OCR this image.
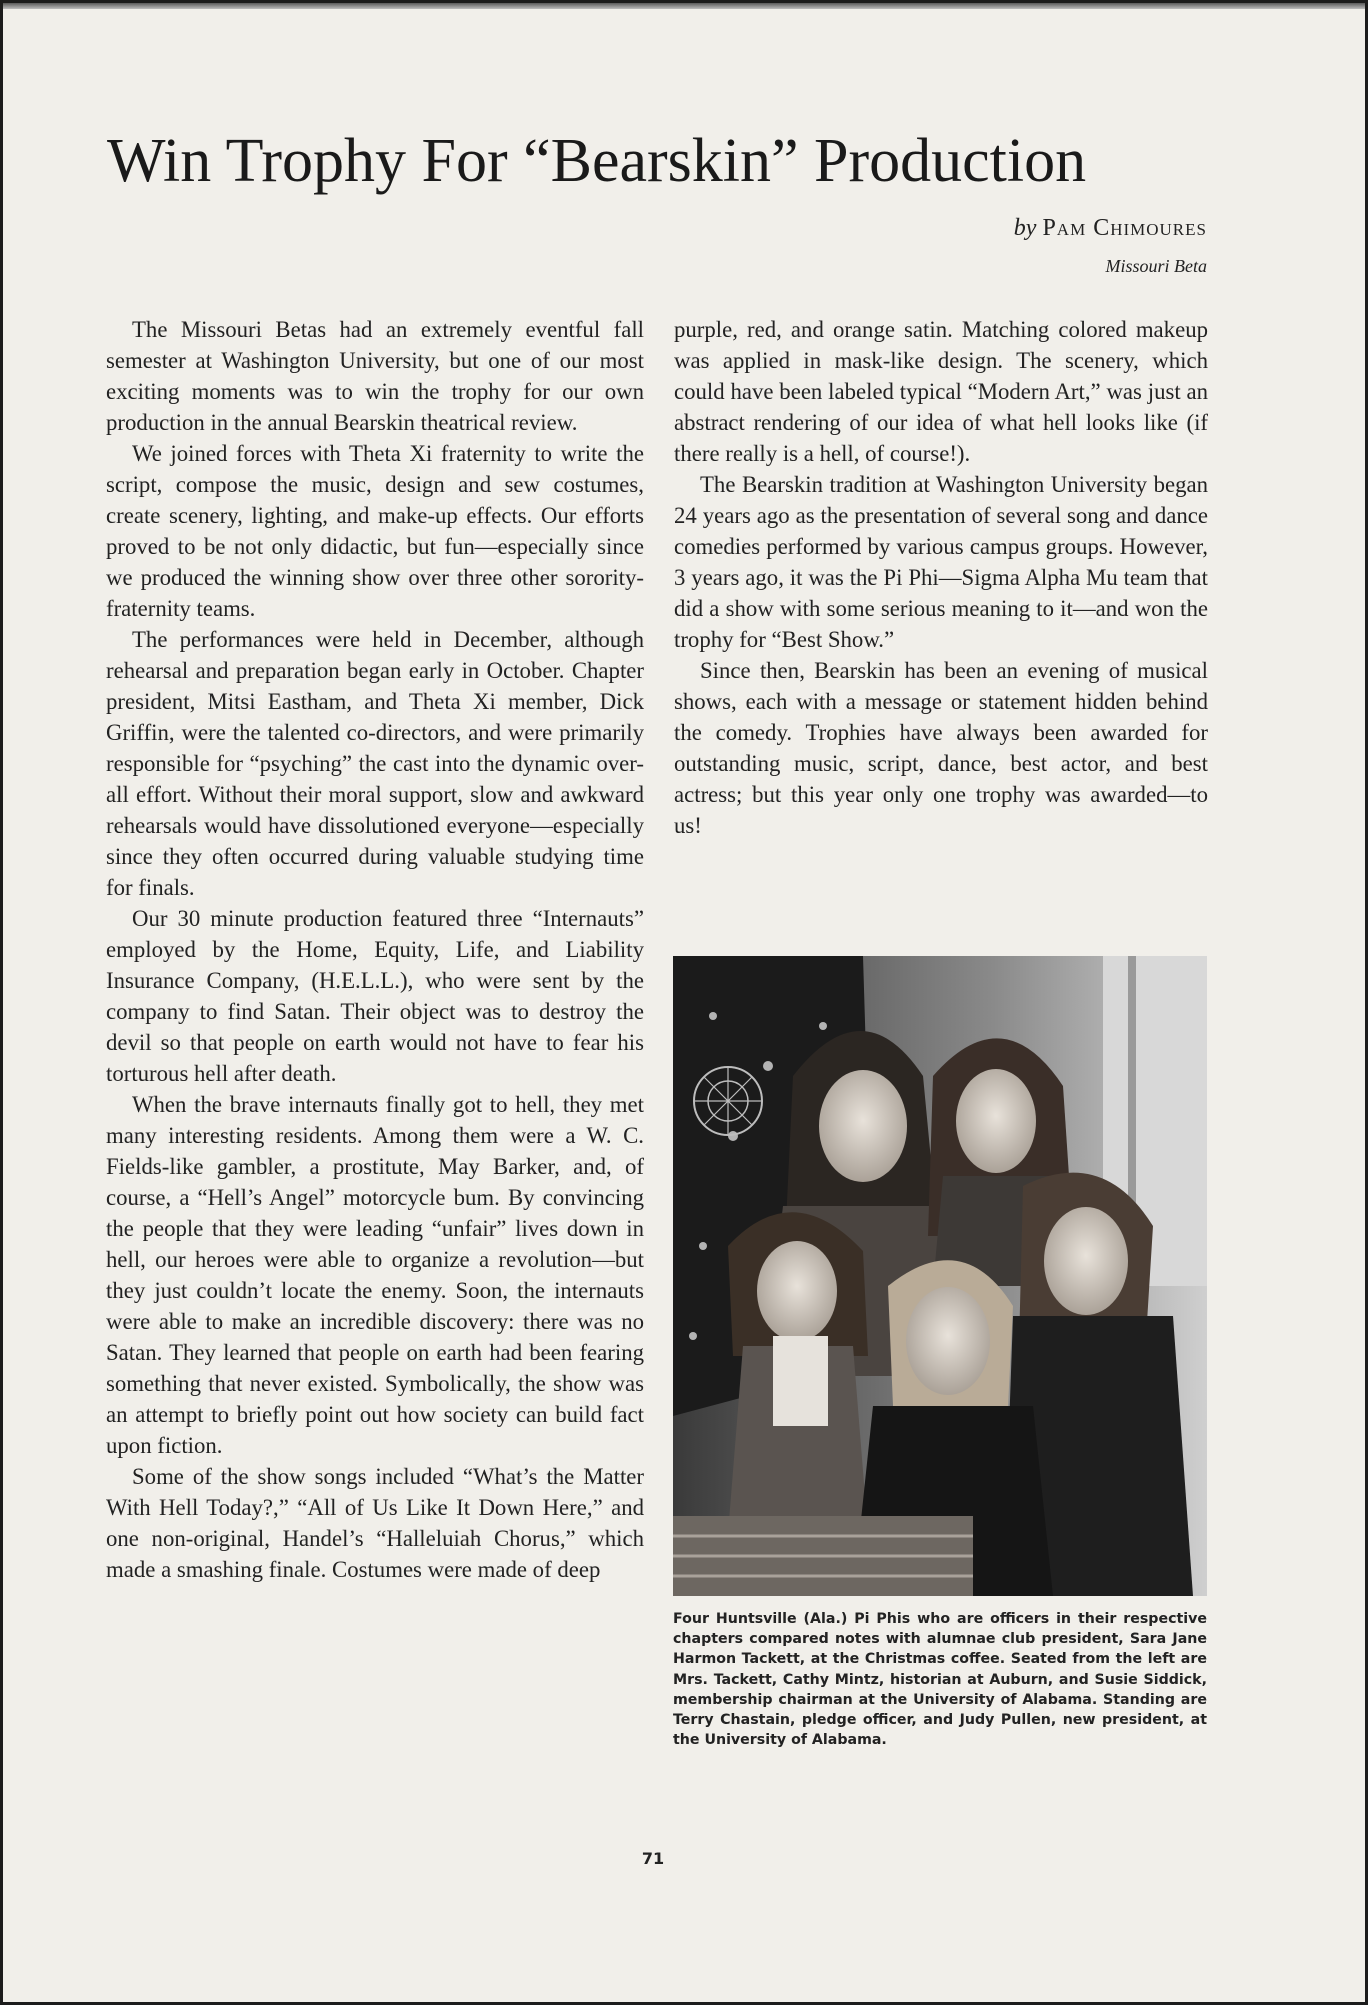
Win Trophy For “Bearskin” Production
by Pam Chimoures
Missouri Beta

The Missouri Betas had an extremely eventful fall semester at Washington University, but one of our most exciting moments was to win the trophy for our own production in the annual Bearskin theatrical review.

We joined forces with Theta Xi fraternity to write the script, compose the music, design and sew costumes, create scenery, lighting, and make-up effects. Our efforts proved to be not only didactic, but fun—especially since we produced the winning show over three other sorority-fraternity teams.

The performances were held in December, although rehearsal and preparation began early in October. Chapter president, Mitsi Eastham, and Theta Xi member, Dick Griffin, were the talented co-directors, and were primarily responsible for “psyching” the cast into the dynamic over-all effort. Without their moral support, slow and awkward rehearsals would have dissolutioned everyone—especially since they often occurred during valuable studying time for finals.

Our 30 minute production featured three “Internauts” employed by the Home, Equity, Life, and Liability Insurance Company, (H.E.L.L.), who were sent by the company to find Satan. Their object was to destroy the devil so that people on earth would not have to fear his torturous hell after death.

When the brave internauts finally got to hell, they met many interesting residents. Among them were a W. C. Fields-like gambler, a prostitute, May Barker, and, of course, a “Hell’s Angel” motorcycle bum. By convincing the people that they were leading “unfair” lives down in hell, our heroes were able to organize a revolution—but they just couldn’t locate the enemy. Soon, the internauts were able to make an incredible discovery: there was no Satan. They learned that people on earth had been fearing something that never existed. Symbolically, the show was an attempt to briefly point out how society can build fact upon fiction.

Some of the show songs included “What’s the Matter With Hell Today?,” “All of Us Like It Down Here,” and one non-original, Handel’s “Halleluiah Chorus,” which made a smashing finale. Costumes were made of deep

purple, red, and orange satin. Matching colored makeup was applied in mask-like design. The scenery, which could have been labeled typical “Modern Art,” was just an abstract rendering of our idea of what hell looks like (if there really is a hell, of course!).

The Bearskin tradition at Washington University began 24 years ago as the presentation of several song and dance comedies performed by various campus groups. However, 3 years ago, it was the Pi Phi—Sigma Alpha Mu team that did a show with some serious meaning to it—and won the trophy for “Best Show.”

Since then, Bearskin has been an evening of musical shows, each with a message or statement hidden behind the comedy. Trophies have always been awarded for outstanding music, script, dance, best actor, and best actress; but this year only one trophy was awarded—to us!

Four Huntsville (Ala.) Pi Phis who are officers in their respective chapters compared notes with alumnae club president, Sara Jane Harmon Tackett, at the Christmas coffee. Seated from the left are Mrs. Tackett, Cathy Mintz, historian at Auburn, and Susie Siddick, membership chairman at the University of Alabama. Standing are Terry Chastain, pledge officer, and Judy Pullen, new president, at the University of Alabama.
71
